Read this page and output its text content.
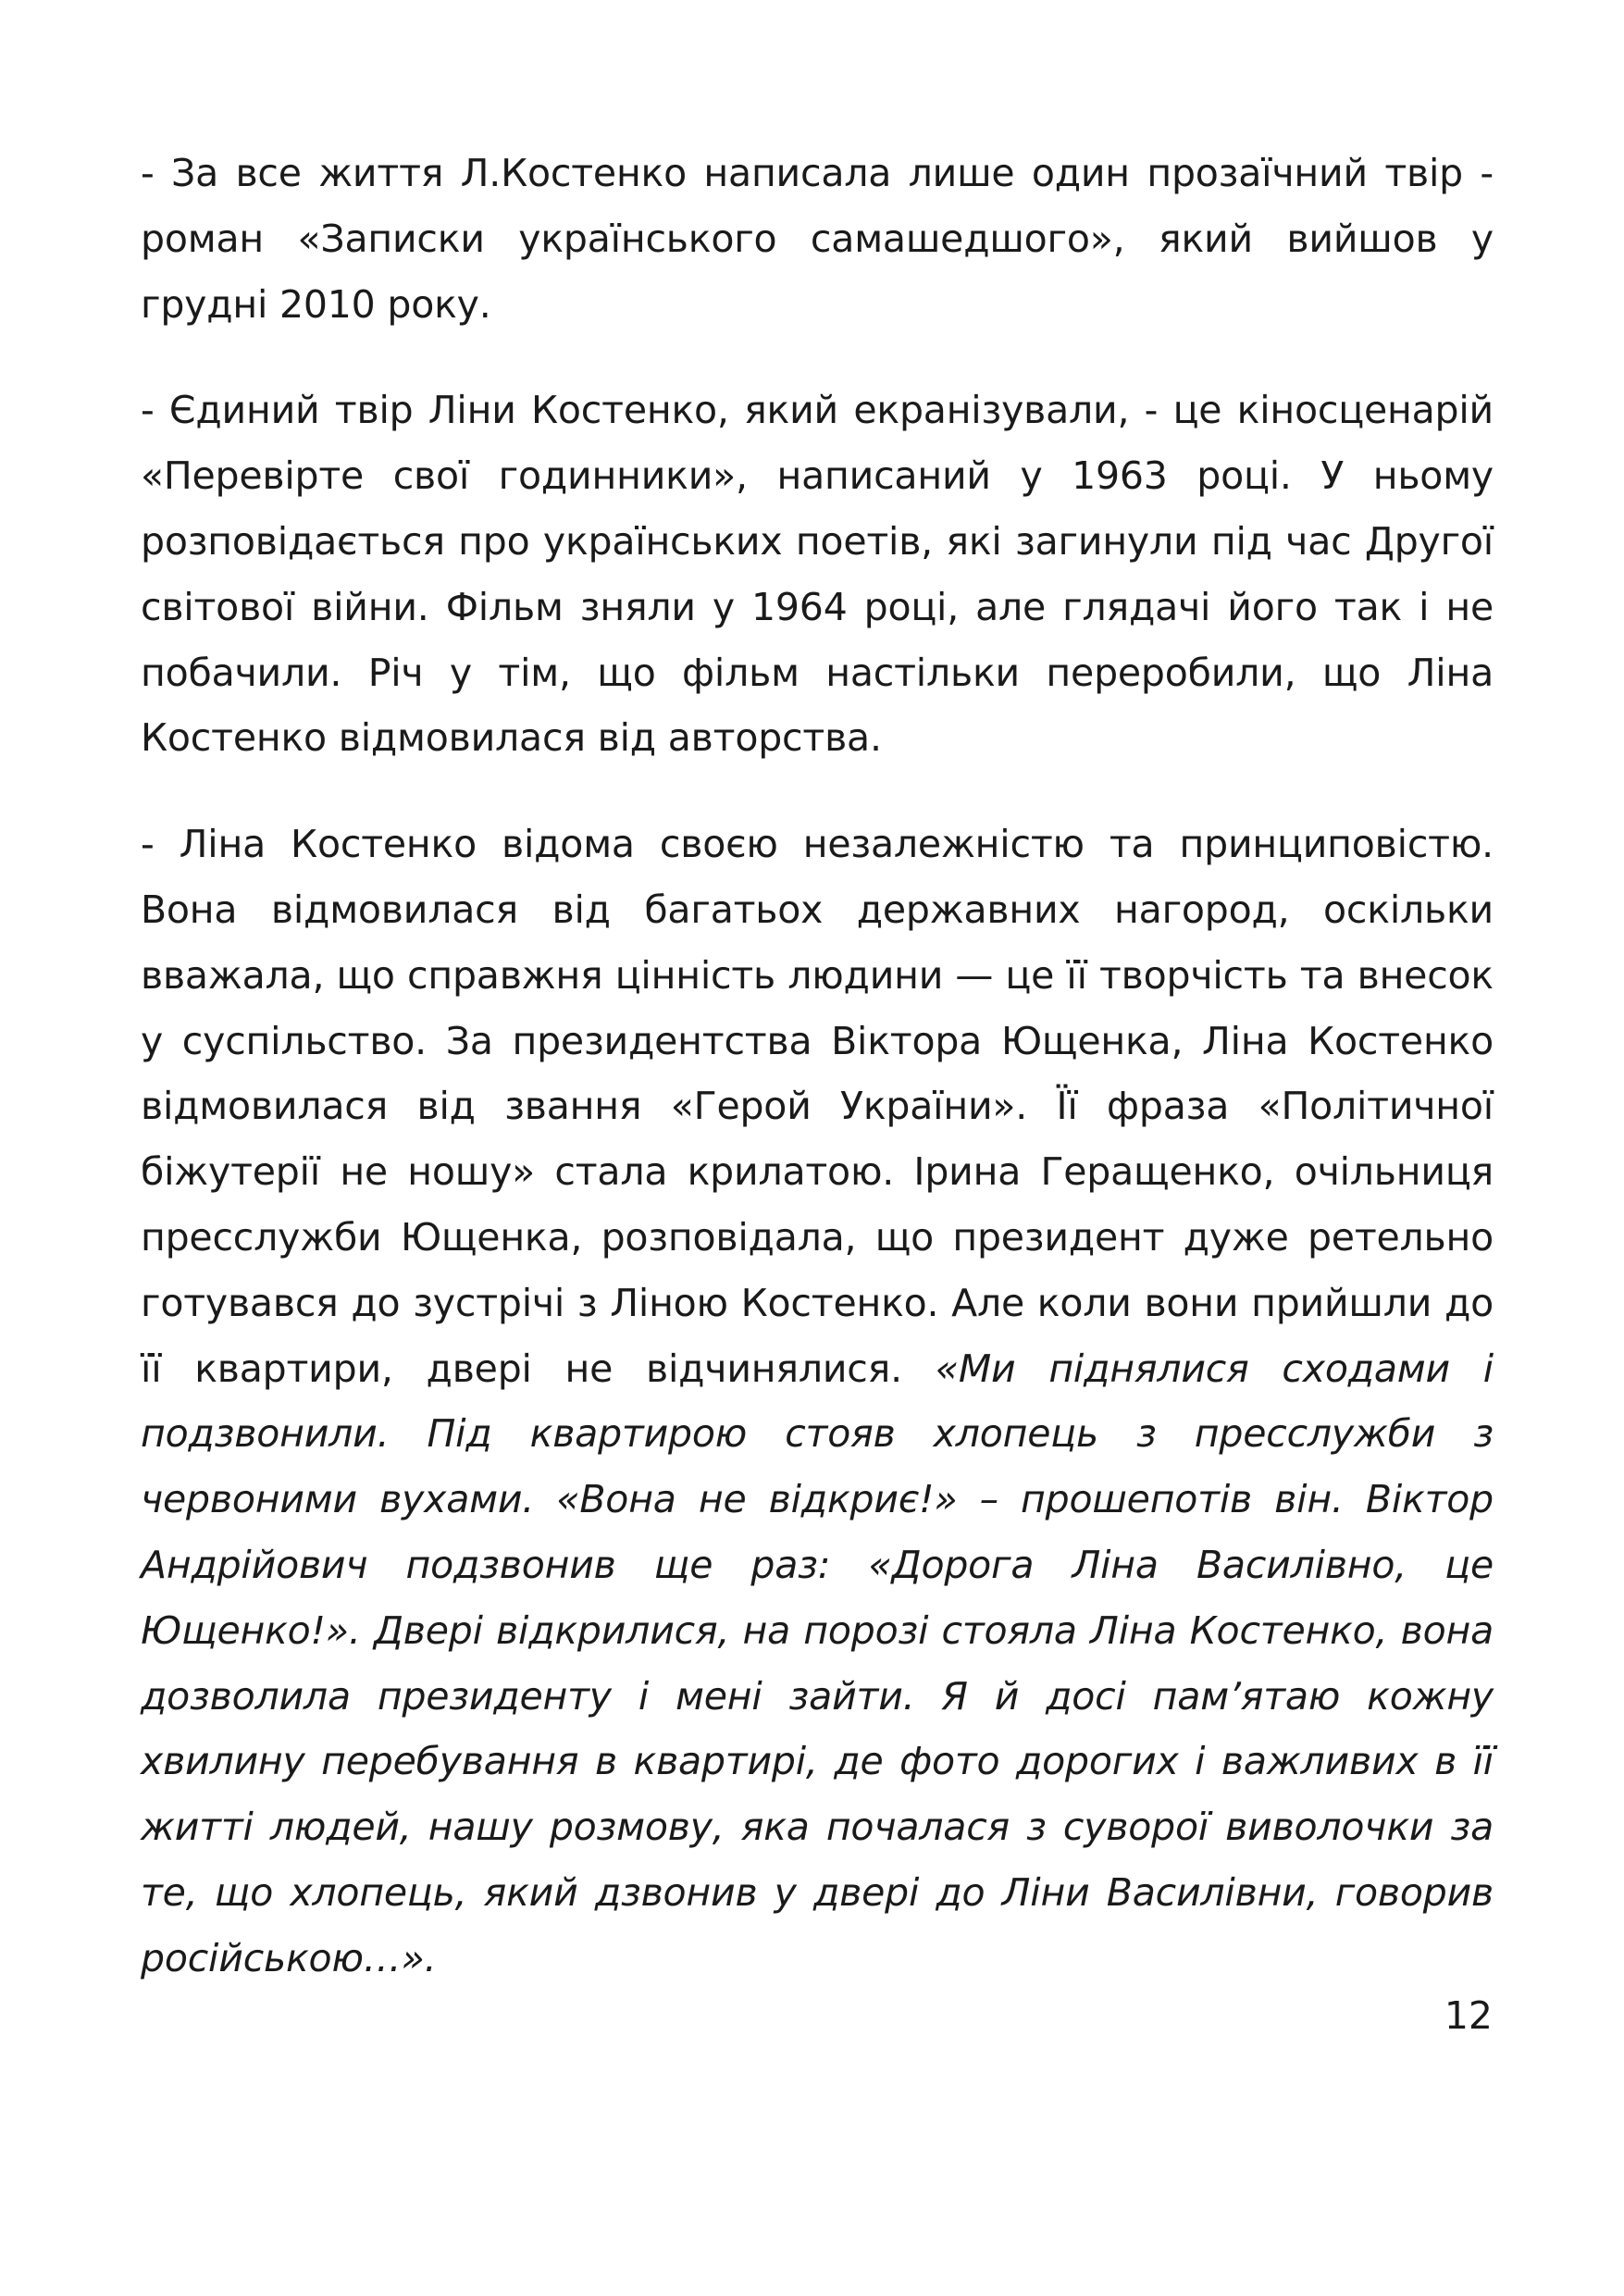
- За все життя Л.Костенко написала лише один прозаїчний твір - роман «Записки українського самашедшого», який вийшов у грудні 2010 року.

- Єдиний твір Ліни Костенко, який екранізували, - це кіносценарій «Перевірте свої годинники», написаний у 1963 році. У ньому розповідається про українських поетів, які загинули під час Другої світової війни. Фільм зняли у 1964 році, але глядачі його так і не побачили. Річ у тім, що фільм настільки переробили, що Ліна Костенко відмовилася від авторства.

- Ліна Костенко відома своєю незалежністю та принциповістю. Вона відмовилася від багатьох державних нагород, оскільки вважала, що справжня цінність людини — це її творчість та внесок у суспільство. За президентства Віктора Ющенка, Ліна Костенко відмовилася від звання «Герой України». Її фраза «Політичної біжутерії не ношу» стала крилатою. Ірина Геращенко, очільниця пресслужби Ющенка, розповідала, що президент дуже ретельно готувався до зустрічі з Ліною Костенко. Але коли вони прийшли до її квартири, двері не відчинялися. «Ми піднялися сходами і подзвонили. Під квартирою стояв хлопець з пресслужби з червоними вухами. «Вона не відкриє!» – прошепотів він. Віктор Андрійович подзвонив ще раз: «Дорога Ліна Василівно, це Ющенко!». Двері відкрилися, на порозі стояла Ліна Костенко, вона дозволила президенту і мені зайти. Я й досі пам’ятаю кожну хвилину перебування в квартирі, де фото дорогих і важливих в її житті людей, нашу розмову, яка почалася з суворої виволочки за те, що хлопець, який дзвонив у двері до Ліни Василівни, говорив російською…».

12
